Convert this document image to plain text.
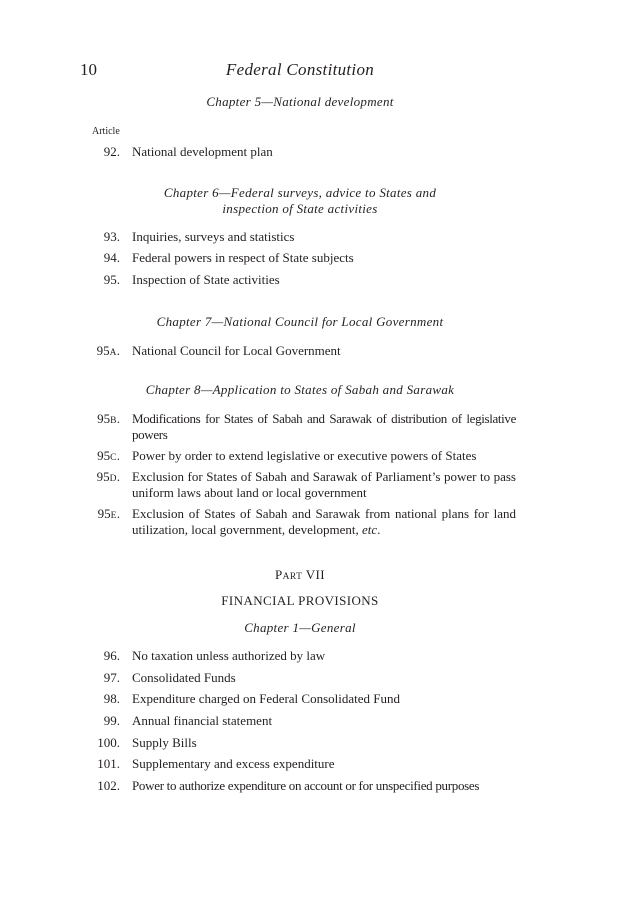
10	Federal Constitution
Chapter 5—National development
Article
92. National development plan
Chapter 6—Federal surveys, advice to States and
inspection of State activities
93. Inquiries, surveys and statistics
94. Federal powers in respect of State subjects
95. Inspection of State activities
Chapter 7—National Council for Local Government
95A. National Council for Local Government
Chapter 8—Application to States of Sabah and Sarawak
95B. Modifications for States of Sabah and Sarawak of distribution of legislative powers
95C. Power by order to extend legislative or executive powers of States
95D. Exclusion for States of Sabah and Sarawak of Parliament’s power to pass uniform laws about land or local government
95E. Exclusion of States of Sabah and Sarawak from national plans for land utilization, local government, development, etc.
PART VII
FINANCIAL PROVISIONS
Chapter 1—General
96. No taxation unless authorized by law
97. Consolidated Funds
98. Expenditure charged on Federal Consolidated Fund
99. Annual financial statement
100. Supply Bills
101. Supplementary and excess expenditure
102. Power to authorize expenditure on account or for unspecified purposes
